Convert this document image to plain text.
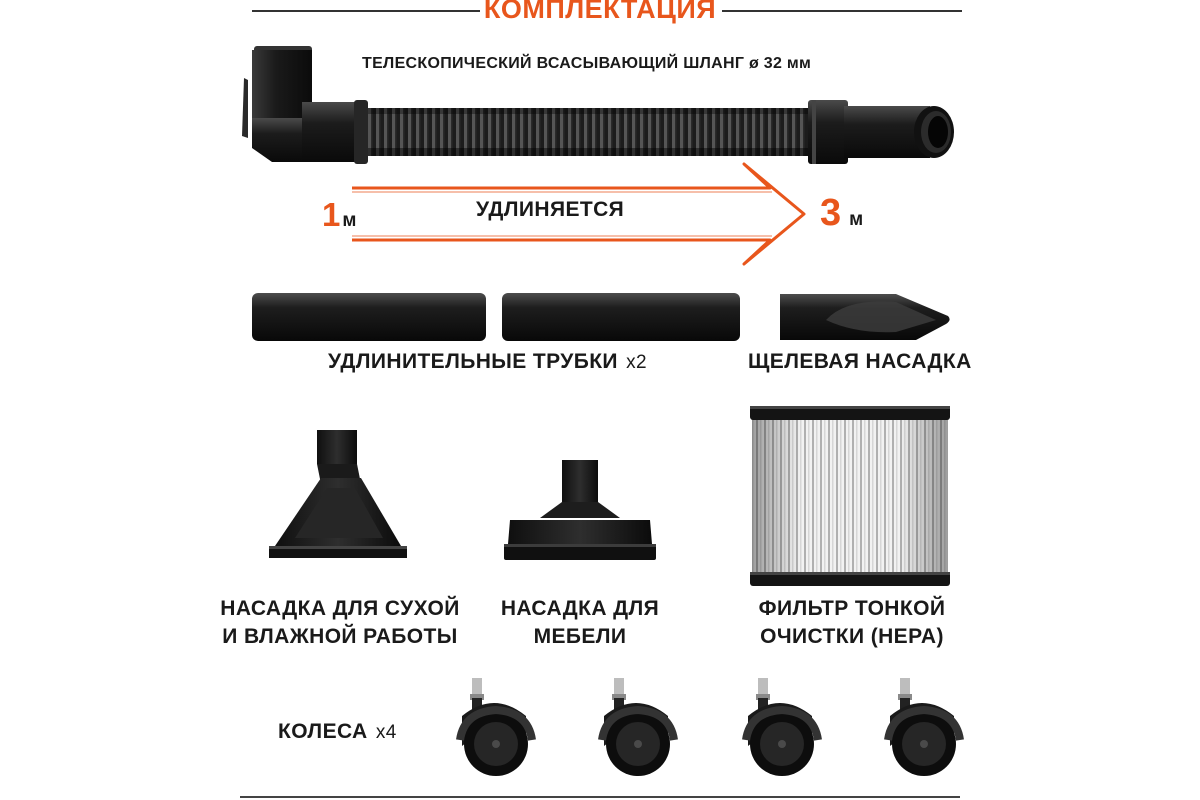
КОМПЛЕКТАЦИЯ
ТЕЛЕСКОПИЧЕСКИЙ ВСАСЫВАЮЩИЙ ШЛАНГ ø 32 мм
1 м	УДЛИНЯЕТСЯ	3 м
УДЛИНИТЕЛЬНЫЕ ТРУБКИ x2	ЩЕЛЕВАЯ НАСАДКА
НАСАДКА ДЛЯ СУХОЙ
И ВЛАЖНОЙ РАБОТЫ
НАСАДКА ДЛЯ
МЕБЕЛИ
ФИЛЬТР ТОНКОЙ
ОЧИСТКИ (HEPA)
КОЛЕСА x4
